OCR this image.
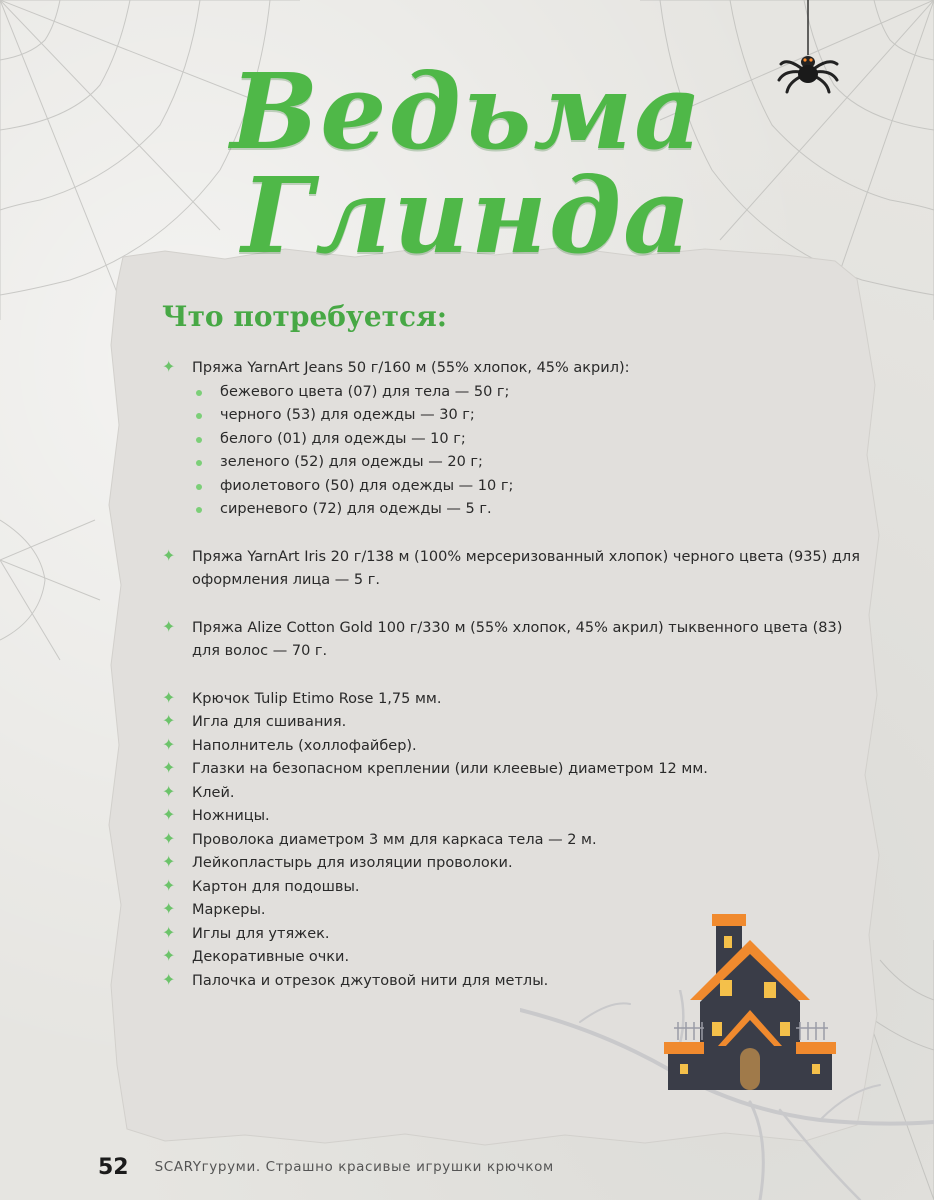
Ведьма Глинда
Что потребуется:
✦ Пряжа YarnArt Jeans 50 г/160 м (55% хлопок, 45% акрил):
бежевого цвета (07) для тела — 50 г;
черного (53) для одежды — 30 г;
белого (01) для одежды — 10 г;
зеленого (52) для одежды — 20 г;
фиолетового (50) для одежды — 10 г;
сиреневого (72) для одежды — 5 г.
✦ Пряжа YarnArt Iris 20 г/138 м (100% мерсеризованный хлопок) черного цвета (935) для оформления лица — 5 г.
✦ Пряжа Alize Cotton Gold 100 г/330 м (55% хлопок, 45% акрил) тыквенного цвета (83) для волос — 70 г.
✦ Крючок Tulip Etimo Rose 1,75 мм.
✦ Игла для сшивания.
✦ Наполнитель (холлофайбер).
✦ Глазки на безопасном креплении (или клеевые) диаметром 12 мм.
✦ Клей.
✦ Ножницы.
✦ Проволока диаметром 3 мм для каркаса тела — 2 м.
✦ Лейкопластырь для изоляции проволоки.
✦ Картон для подошвы.
✦ Маркеры.
✦ Иглы для утяжек.
✦ Декоративные очки.
✦ Палочка и отрезок джутовой нити для метлы.
52 SCARYгуруми. Страшно красивые игрушки крючком
